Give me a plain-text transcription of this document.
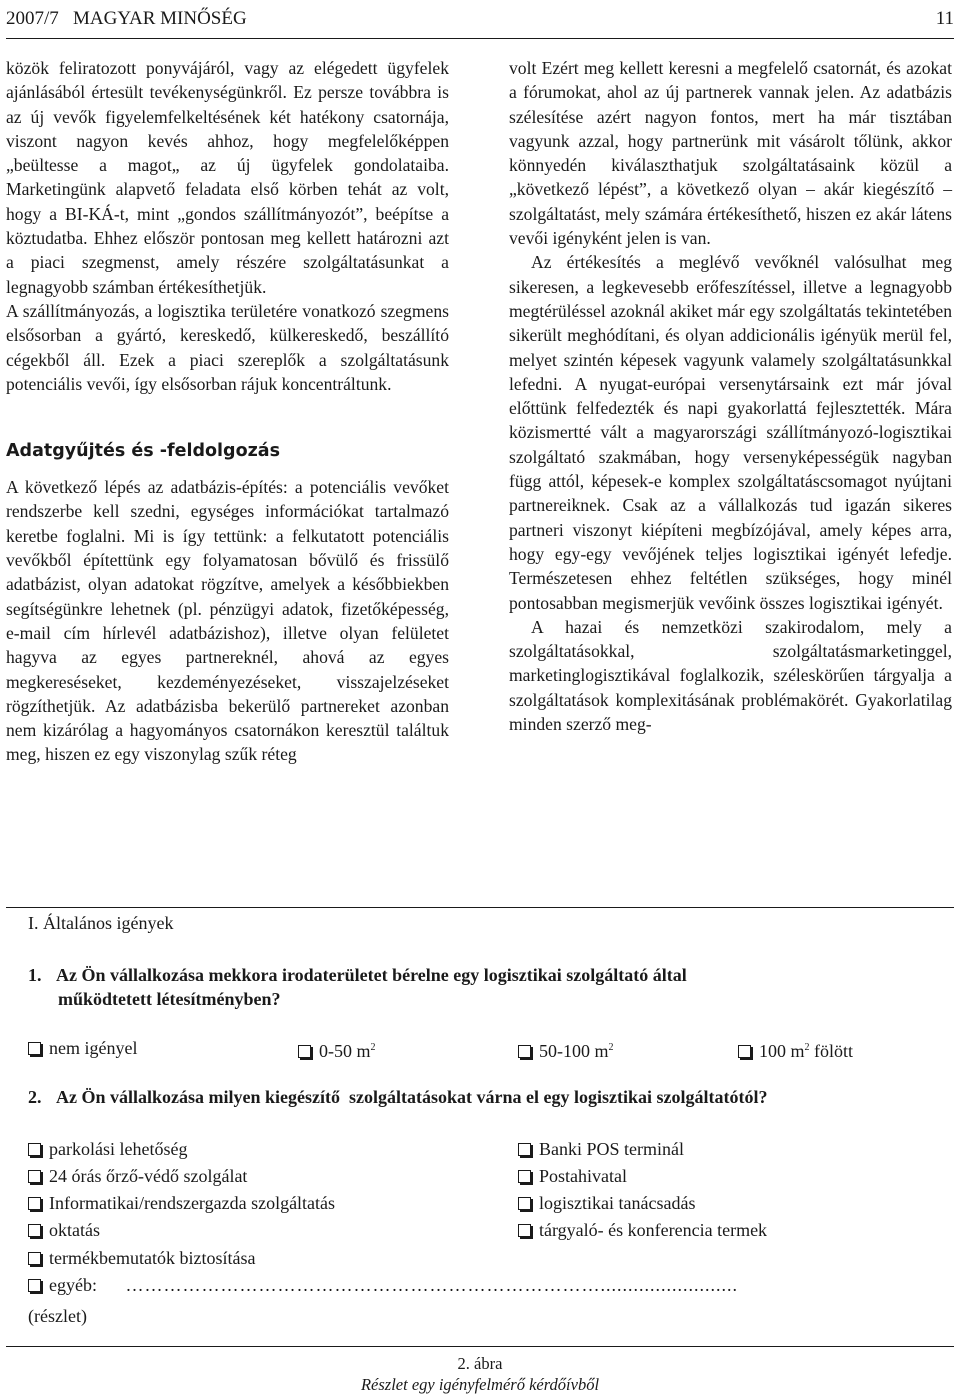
2007/7   MAGYAR MINŐSÉG	11

közök feliratozott ponyvájáról, vagy az elégedett ügyfelek ajánlásából értesült tevékenységünkről. Ez persze továbbra is az új vevők figyelemfelkeltésének két hatékony csatornája, viszont nagyon kevés ahhoz, hogy megfelelőképpen „beültesse a magot„ az új ügyfelek gondolataiba. Marketingünk alapvető feladata első körben tehát az volt, hogy a BI-KÁ-t, mint „gondos szállítmányozót”, beépítse a köztudatba. Ehhez először pontosan meg kellett határozni azt a piaci szegmenst, amely részére szolgáltatásunkat a legnagyobb számban értékesíthetjük.

A szállítmányozás, a logisztika területére vonatkozó szegmens elsősorban a gyártó, kereskedő, külkereskedő, beszállító cégekből áll. Ezek a piaci szereplők a szolgáltatásunk potenciális vevői, így elsősorban rájuk koncentráltunk.

Adatgyűjtés és -feldolgozás

A következő lépés az adatbázis-építés: a potenciális vevőket rendszerbe kell szedni, egységes információkat tartalmazó keretbe foglalni. Mi is így tettünk: a felkutatott potenciális vevőkből építettünk egy folyamatosan bővülő és frissülő adatbázist, olyan adatokat rögzítve, amelyek a későbbiekben segítségünkre lehetnek (pl. pénzügyi adatok, fizetőképesség, e-mail cím hírlevél adatbázishoz), illetve olyan felületet hagyva az egyes partnereknél, ahová az egyes megkereséseket, kezdeményezéseket, visszajelzéseket rögzíthetjük. Az adatbázisba bekerülő partnereket azonban nem kizárólag a hagyományos csatornákon keresztül találtuk meg, hiszen ez egy viszonylag szűk réteg

volt Ezért meg kellett keresni a megfelelő csatornát, és azokat a fórumokat, ahol az új partnerek vannak jelen. Az adatbázis szélesítése azért nagyon fontos, mert ha már tisztában vagyunk azzal, hogy partnerünk mit vásárolt tőlünk, akkor könnyedén kiválaszthatjuk szolgáltatásaink közül a „következő lépést”, a következő olyan – akár kiegészítő – szolgáltatást, mely számára értékesíthető, hiszen ez akár látens vevői igényként jelen is van.

Az értékesítés a meglévő vevőknél valósulhat meg sikeresen, a legkevesebb erőfeszítéssel, illetve a legnagyobb megtérüléssel azoknál akiket már egy szolgáltatás tekintetében sikerült meghódítani, és olyan addicionális igényük merül fel, melyet szintén képesek vagyunk valamely szolgáltatásunkkal lefedni. A nyugat-európai versenytársaink ezt már jóval előttünk felfedezték és napi gyakorlattá fejlesztették. Mára közismertté vált a magyarországi szállítmányozó-logisztikai szolgáltató szakmában, hogy versenyképességük nagyban függ attól, képesek-e komplex szolgáltatáscsomagot nyújtani partnereiknek. Csak az a vállalkozás tud igazán sikeres partneri viszonyt kiépíteni megbízójával, amely képes arra, hogy egy-egy vevőjének teljes logisztikai igényét lefedje. Természetesen ehhez feltétlen szükséges, hogy minél pontosabban megismerjük vevőink összes logisztikai igényét.

A hazai és nemzetközi szakirodalom, mely a szolgáltatásokkal, szolgáltatásmarketinggel, marketinglogisztikával foglalkozik, széleskörűen tárgyalja a szolgáltatások komplexitásának problémakörét. Gyakorlatilag minden szerző meg-

I. Általános igények
1. Az Ön vállalkozása mekkora irodaterületet bérelne egy logisztikai szolgáltató által
működtetett létesítményben?
nem igényel	0-50 $m^2$	50-100 $m^2$	100 $m^2$ fölött
2. Az Ön vállalkozása milyen kiegészítő  szolgáltatásokat várna el egy logisztikai szolgáltatótól?
parkolási lehetőség
24 órás őrző-védő szolgálat
Informatikai/rendszergazda szolgáltatás
oktatás
termékbemutatók biztosítása
egyéb: ………………………………………………………………….........................
Banki POS terminál
Postahivatal
logisztikai tanácsadás
tárgyaló- és konferencia termek
(részlet)
2. ábra
Részlet egy igényfelmérő kérdőívből
